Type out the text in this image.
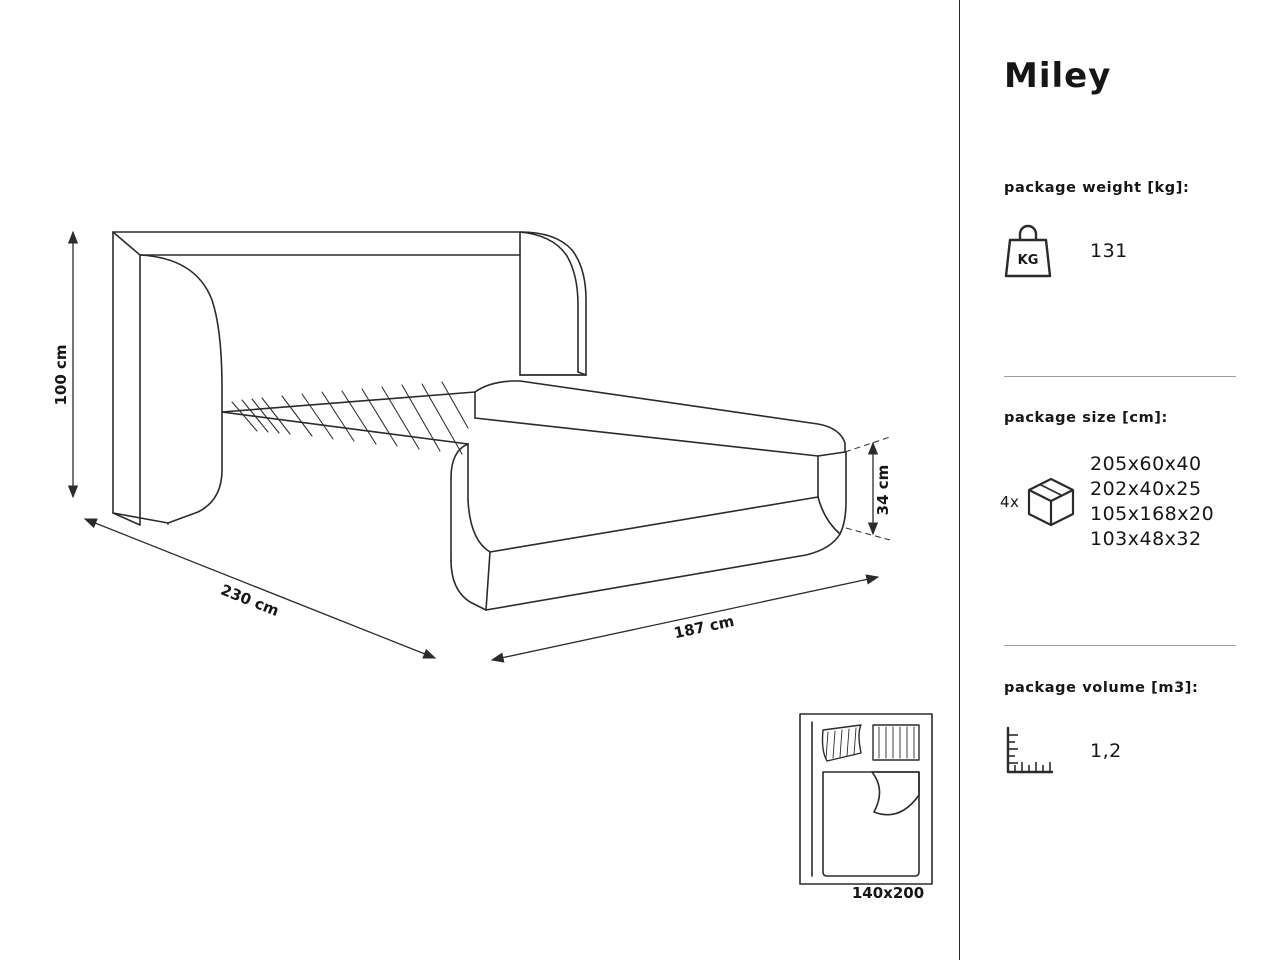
100 cm
230 cm
187 cm
34 cm
140x200
Miley
package weight [kg]:
KG	131
package size [cm]:
4x
205x60x40
202x40x25
105x168x20
103x48x32
package volume [m3]:
1,2
